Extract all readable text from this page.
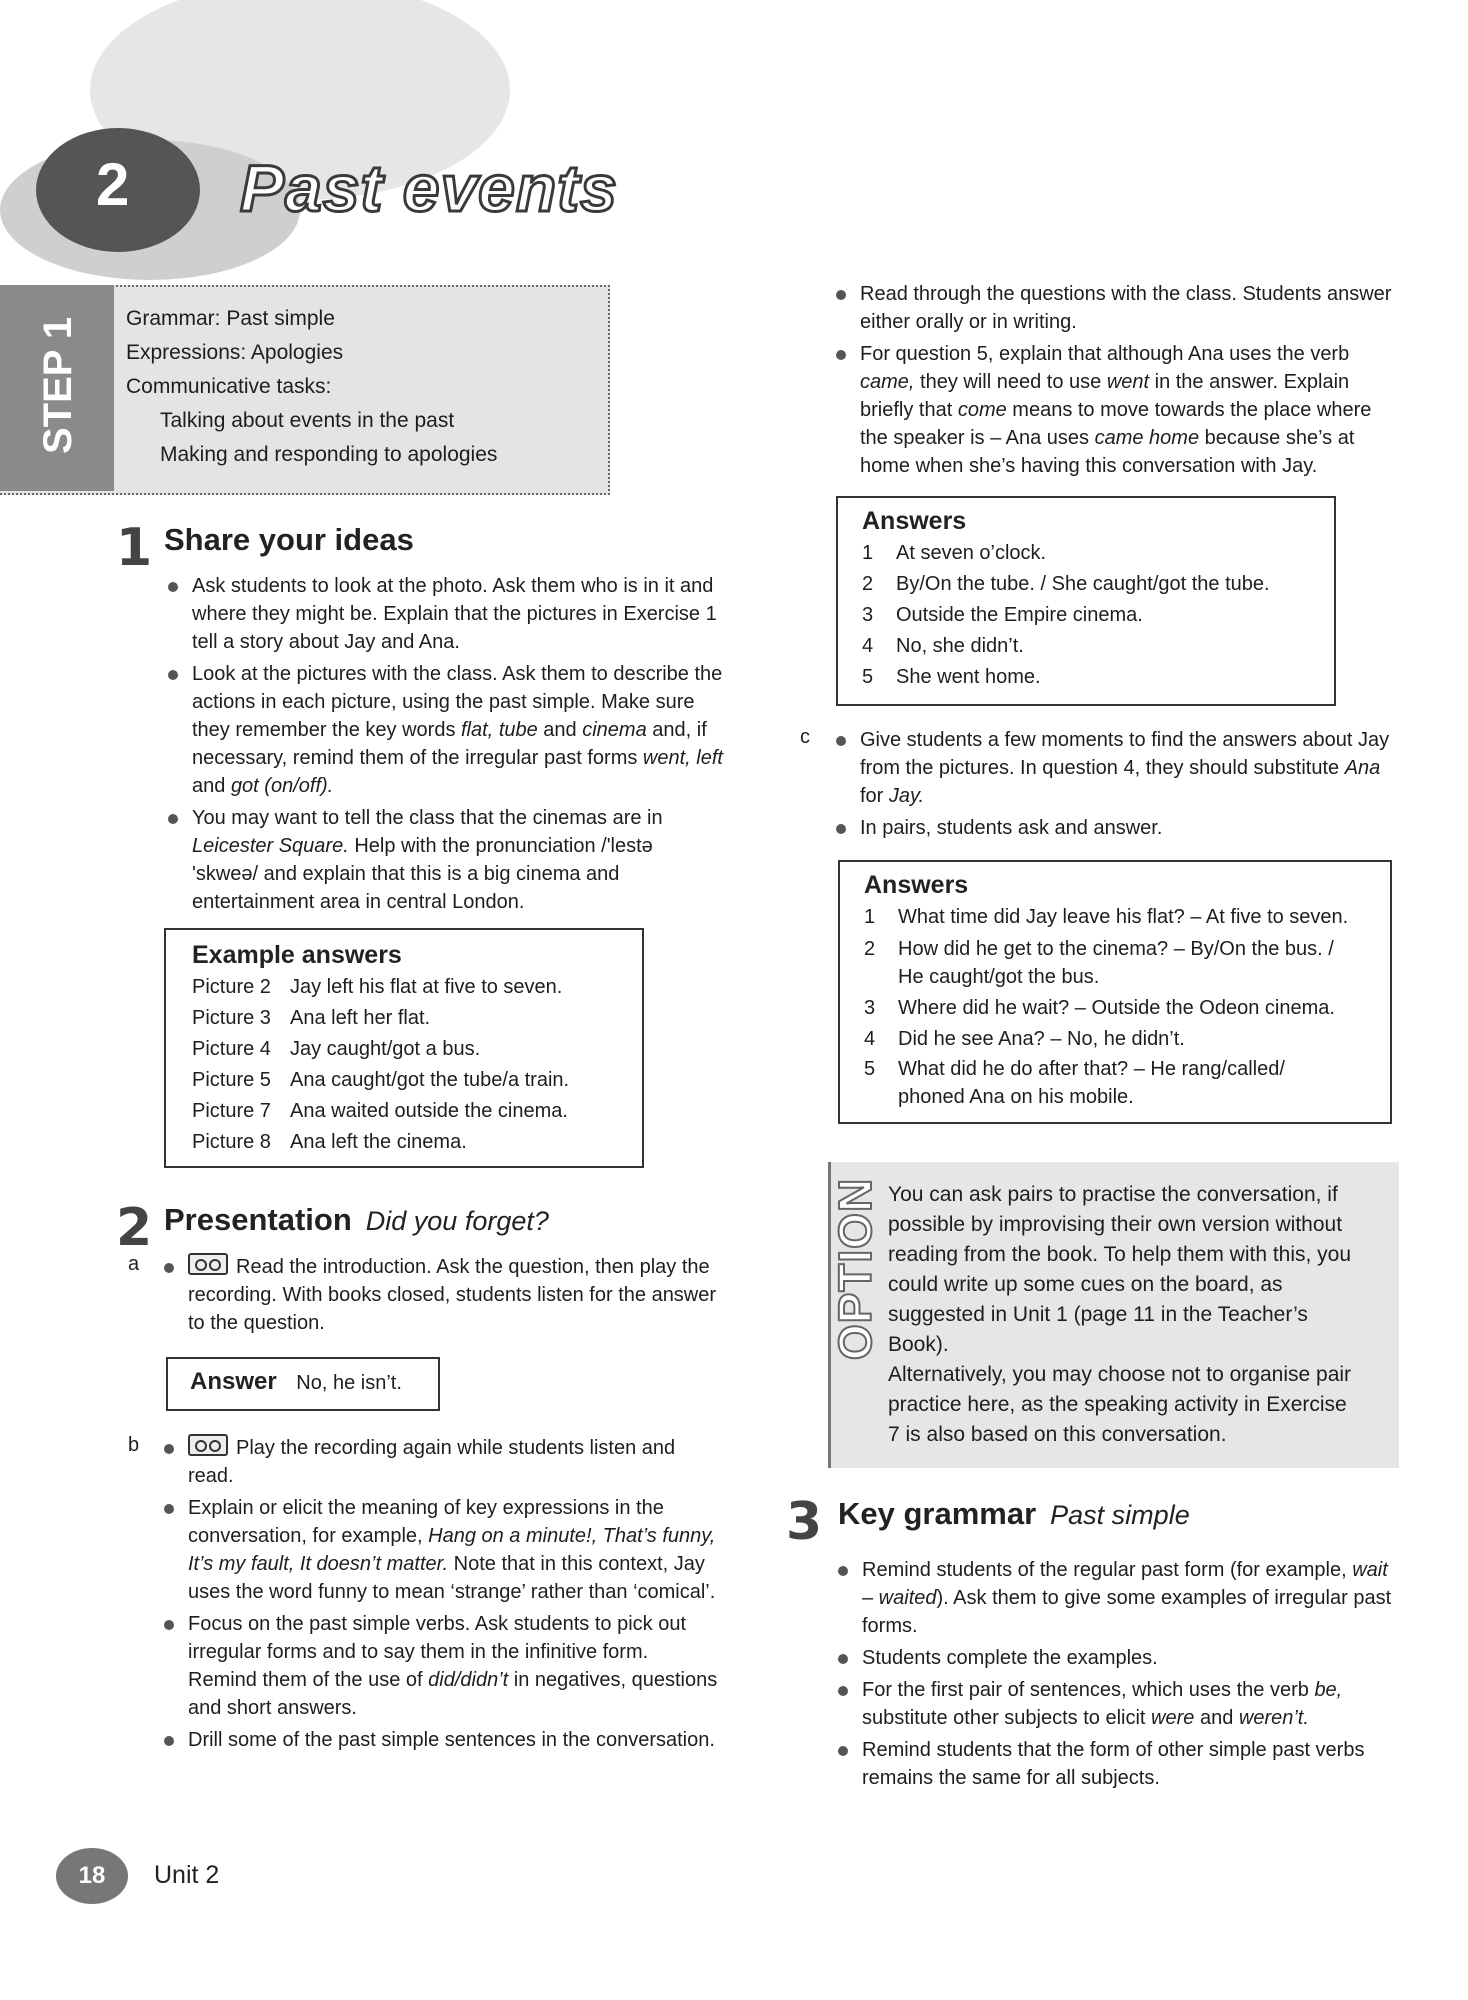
2 Past events
STEP 1 Grammar: Past simple

Expressions: Apologies

Communicative tasks:

Talking about events in the past

Making and responding to apologies

1 Share your ideas
Ask students to look at the photo. Ask them who is in it and where they might be. Explain that the pictures in Exercise 1 tell a story about Jay and Ana.
Look at the pictures with the class. Ask them to describe the actions in each picture, using the past simple. Make sure they remember the key words flat, tube and cinema and, if necessary, remind them of the irregular past forms went, left and got (on/off).
You may want to tell the class that the cinemas are in Leicester Square. Help with the pronunciation /'lestə 'skweə/ and explain that this is a big cinema and entertainment area in central London.
Example answers
Picture 2 Jay left his flat at five to seven.
Picture 3 Ana left her flat.
Picture 4 Jay caught/got a bus.
Picture 5 Ana caught/got the tube/a train.
Picture 7 Ana waited outside the cinema.
Picture 8 Ana left the cinema.
2 Presentation Did you forget?
a	Read the introduction. Ask the question, then play the recording. With books closed, students listen for the answer to the question.
Answer No, he isn’t.
b	Play the recording again while students listen and read.
Explain or elicit the meaning of key expressions in the conversation, for example, Hang on a minute!, That’s funny, It’s my fault, It doesn’t matter. Note that in this context, Jay uses the word funny to mean ‘strange’ rather than ‘comical’.
Focus on the past simple verbs. Ask students to pick out irregular forms and to say them in the infinitive form. Remind them of the use of did/didn’t in negatives, questions and short answers.
Drill some of the past simple sentences in the conversation.
Read through the questions with the class. Students answer either orally or in writing.
For question 5, explain that although Ana uses the verb came, they will need to use went in the answer. Explain briefly that come means to move towards the place where the speaker is – Ana uses came home because she’s at home when she’s having this conversation with Jay.
Answers
1	At seven o’clock.
2	By/On the tube. / She caught/got the tube.
3	Outside the Empire cinema.
4	No, she didn’t.
5	She went home.
c	Give students a few moments to find the answers about Jay from the pictures. In question 4, they should substitute Ana for Jay.
In pairs, students ask and answer.
Answers
1	What time did Jay leave his flat? – At five to seven.
2	How did he get to the cinema? – By/On the bus. / He caught/got the bus.
3	Where did he wait? – Outside the Odeon cinema.
4	Did he see Ana? – No, he didn’t.
5	What did he do after that? – He rang/called/ phoned Ana on his mobile.
OPTION You can ask pairs to practise the conversation, if possible by improvising their own version without reading from the book. To help them with this, you could write up some cues on the board, as suggested in Unit 1 (page 11 in the Teacher’s Book).

Alternatively, you may choose not to organise pair practice here, as the speaking activity in Exercise 7 is also based on this conversation.

3 Key grammar Past simple
Remind students of the regular past form (for example, wait – waited). Ask them to give some examples of irregular past forms.
Students complete the examples.
For the first pair of sentences, which uses the verb be, substitute other subjects to elicit were and weren’t.
Remind students that the form of other simple past verbs remains the same for all subjects.
18	Unit 2
